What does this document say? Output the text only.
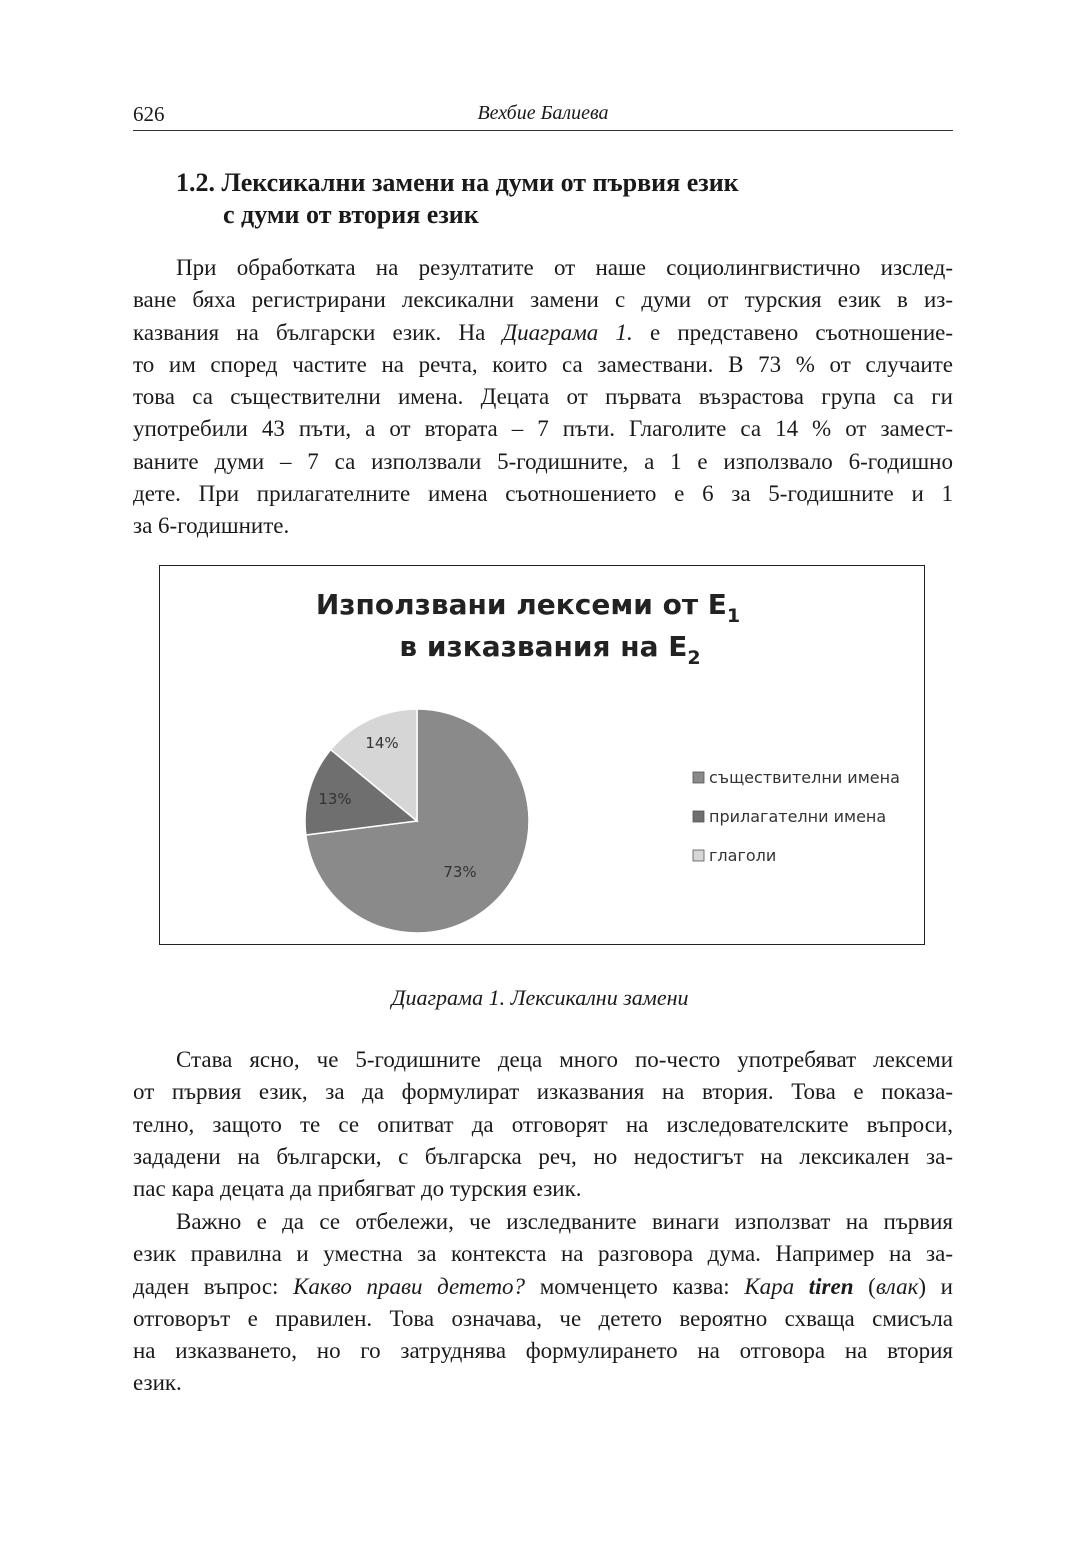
626	Вехбие Балиева
1.2. Лексикални замени на думи от първия език
с думи от втория език
При обработката на резултатите от наше социолингвистично изслед-
ване бяха регистрирани лексикални замени с думи от турския език в из-
казвания на български език. На Диаграма 1. е представено съотношение-
то им според частите на речта, които са замествани. В 73 % от случаите
това са съществителни имена. Децата от първата възрастова група са ги
употребили 43 пъти, а от втората – 7 пъти. Глаголите са 14 % от замест-
ваните думи – 7 са използвали 5-годишните, а 1 е използвало 6-годишно
дете. При прилагателните имена съотношението е 6 за 5-годишните и 1
за 6-годишните.
Използвани лексеми от $E_1$
в изказвания на $E_2$
73%
13%
14%
съществителни имена
прилагателни имена
глаголи
Диаграма 1. Лексикални замени
Става ясно, че 5-годишните деца много по-често употребяват лексеми
от първия език, за да формулират изказвания на втория. Това е показа-
телно, защото те се опитват да отговорят на изследователските въпроси,
зададени на български, с българска реч, но недостигът на лексикален за-
пас кара децата да прибягват до турския език.
Важно е да се отбележи, че изследваните винаги използват на първия
език правилна и уместна за контекста на разговора дума. Например на за-
даден въпрос: Какво прави детето? момченцето казва: Кара tiren (влак) и
отговорът е правилен. Това означава, че детето вероятно схваща смисъла
на изказването, но го затруднява формулирането на отговора на втория
език.
